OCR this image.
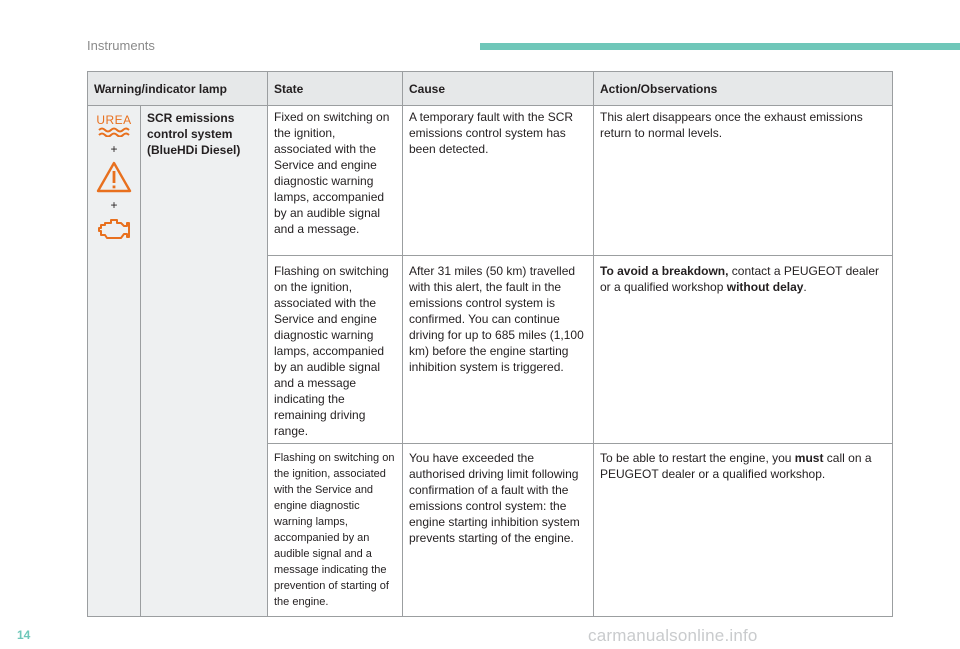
Instruments
Warning/indicator lamp		State	Cause	Action/Observations

UREA
+
+	SCR emissions control system (BlueHDi Diesel)	Fixed on switching on the ignition, associated with the Service and engine diagnostic warning lamps, accompanied by an audible signal and a message.	A temporary fault with the SCR emissions control system has been detected.	This alert disappears once the exhaust emissions return to normal levels.
		Flashing on switching on the ignition, associated with the Service and engine diagnostic warning lamps, accompanied by an audible signal and a message indicating the remaining driving range.	After 31 miles (50 km) travelled with this alert, the fault in the emissions control system is confirmed. You can continue driving for up to 685 miles (1,100 km) before the engine starting inhibition system is triggered.	To avoid a breakdown, contact a PEUGEOT dealer or a qualified workshop without delay.
		Flashing on switching on the ignition, associated with the Service and engine diagnostic warning lamps, accompanied by an audible signal and a message indicating the prevention of starting of the engine.	You have exceeded the authorised driving limit following confirmation of a fault with the emissions control system: the engine starting inhibition system prevents starting of the engine.	To be able to restart the engine, you must call on a PEUGEOT dealer or a qualified workshop.
14	carmanualsonline.info
